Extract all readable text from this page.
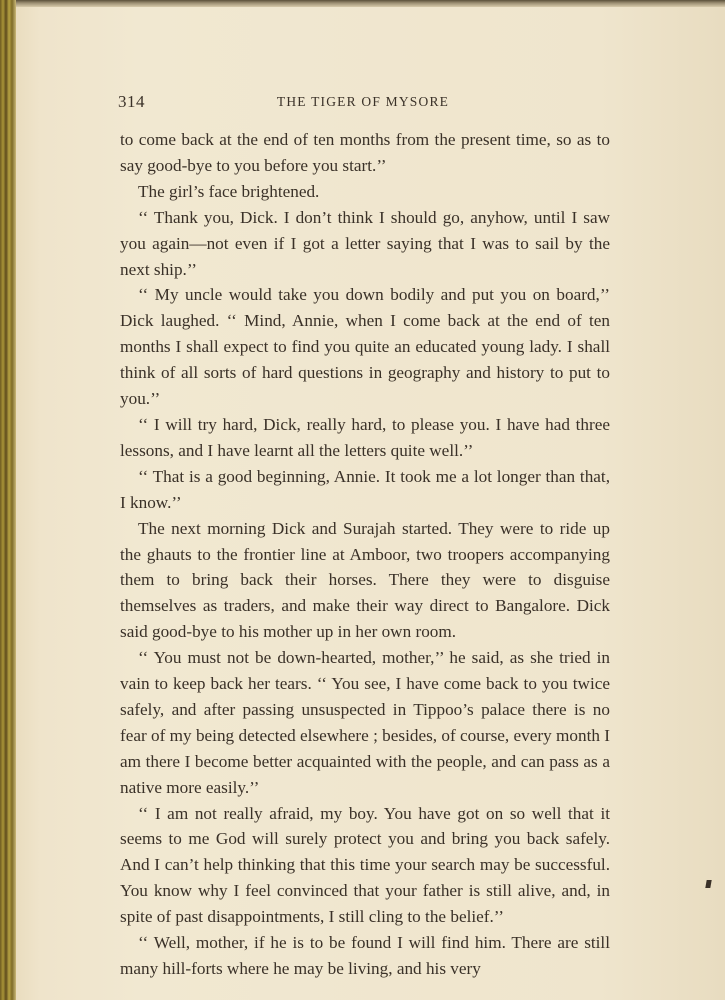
314	THE TIGER OF MYSORE

to come back at the end of ten months from the present time, so as to say good-bye to you before you start.’’

The girl’s face brightened.

‘‘ Thank you, Dick. I don’t think I should go, anyhow, until I saw you again—not even if I got a letter saying that I was to sail by the next ship.’’

‘‘ My uncle would take you down bodily and put you on board,’’ Dick laughed. ‘‘ Mind, Annie, when I come back at the end of ten months I shall expect to find you quite an educated young lady. I shall think of all sorts of hard questions in geography and history to put to you.’’

‘‘ I will try hard, Dick, really hard, to please you. I have had three lessons, and I have learnt all the letters quite well.’’

‘‘ That is a good beginning, Annie. It took me a lot longer than that, I know.’’

The next morning Dick and Surajah started. They were to ride up the ghauts to the frontier line at Amboor, two troopers accompanying them to bring back their horses. There they were to disguise themselves as traders, and make their way direct to Bangalore. Dick said good-bye to his mother up in her own room.

‘‘ You must not be down-hearted, mother,’’ he said, as she tried in vain to keep back her tears. ‘‘ You see, I have come back to you twice safely, and after passing unsuspected in Tippoo’s palace there is no fear of my being detected elsewhere ; besides, of course, every month I am there I become better acquainted with the people, and can pass as a native more easily.’’

‘‘ I am not really afraid, my boy. You have got on so well that it seems to me God will surely protect you and bring you back safely. And I can’t help thinking that this time your search may be successful. You know why I feel convinced that your father is still alive, and, in spite of past disappointments, I still cling to the belief.’’

‘‘ Well, mother, if he is to be found I will find him. There are still many hill-forts where he may be living, and his very
